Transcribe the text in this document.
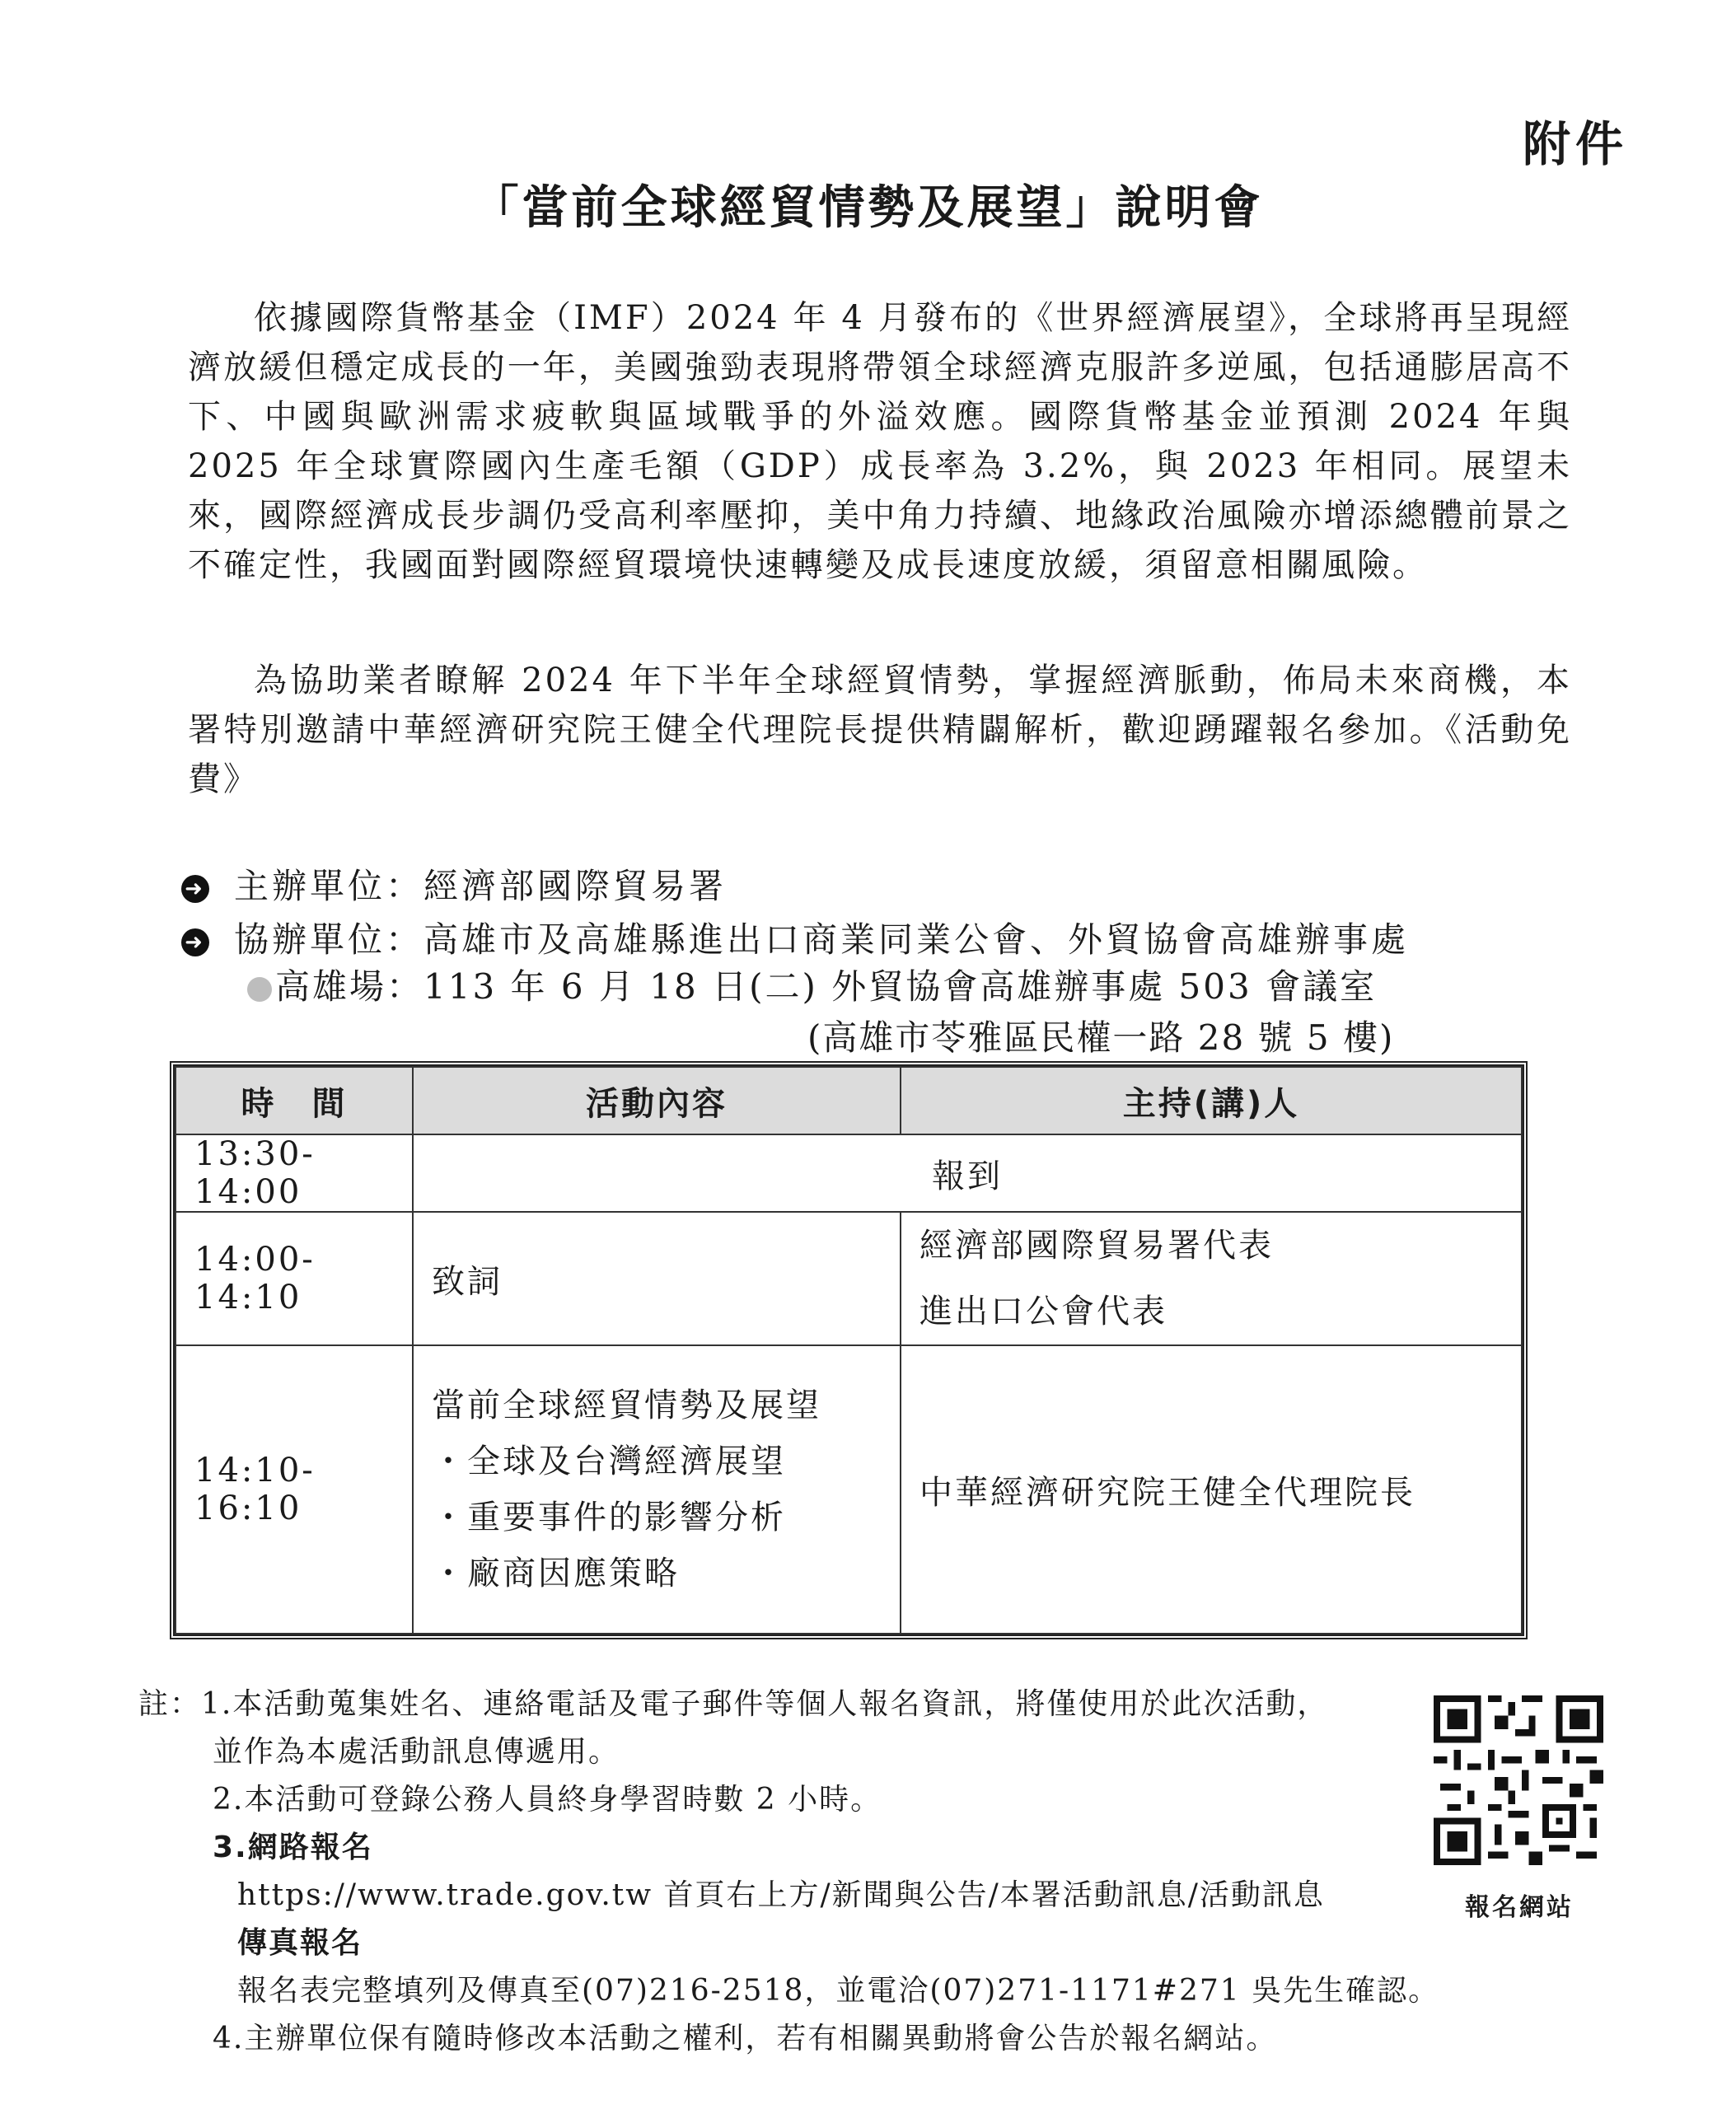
附件
「當前全球經貿情勢及展望」說明會

依據國際貨幣基金（IMF）2024 年 4 月發布的《世界經濟展望》，全球將再呈現經濟放緩但穩定成長的一年，美國強勁表現將帶領全球經濟克服許多逆風，包括通膨居高不下、中國與歐洲需求疲軟與區域戰爭的外溢效應。國際貨幣基金並預測 2024 年與 2025 年全球實際國內生產毛額（GDP）成長率為 3.2%，與 2023 年相同。展望未來，國際經濟成長步調仍受高利率壓抑，美中角力持續、地緣政治風險亦增添總體前景之不確定性，我國面對國際經貿環境快速轉變及成長速度放緩，須留意相關風險。

為協助業者瞭解 2024 年下半年全球經貿情勢，掌握經濟脈動，佈局未來商機，本署特別邀請中華經濟研究院王健全代理院長提供精闢解析，歡迎踴躍報名參加。《活動免費》

➜ 主辦單位：經濟部國際貿易署
➜ 協辦單位：高雄市及高雄縣進出口商業同業公會、外貿協會高雄辦事處
高雄場：113 年 6 月 18 日(二) 外貿協會高雄辦事處 503 會議室
(高雄市苓雅區民權一路 28 號 5 樓)
時　間	活動內容	主持(講)人
13:30-14:00	報到	
14:00-14:10	致詞	經濟部國際貿易署代表
進出口公會代表

14:10-16:10	當前全球經貿情勢及展望
・全球及台灣經濟展望
・重要事件的影響分析
・廠商因應策略	中華經濟研究院王健全代理院長
註：1.本活動蒐集姓名、連絡電話及電子郵件等個人報名資訊，將僅使用於此次活動，
並作為本處活動訊息傳遞用。
2.本活動可登錄公務人員終身學習時數 2 小時。
3.網路報名
https://www.trade.gov.tw 首頁右上方/新聞與公告/本署活動訊息/活動訊息
傳真報名
報名表完整填列及傳真至(07)216-2518，並電洽(07)271-1171#271 吳先生確認。
4.主辦單位保有隨時修改本活動之權利，若有相關異動將會公告於報名網站。
報名網站
